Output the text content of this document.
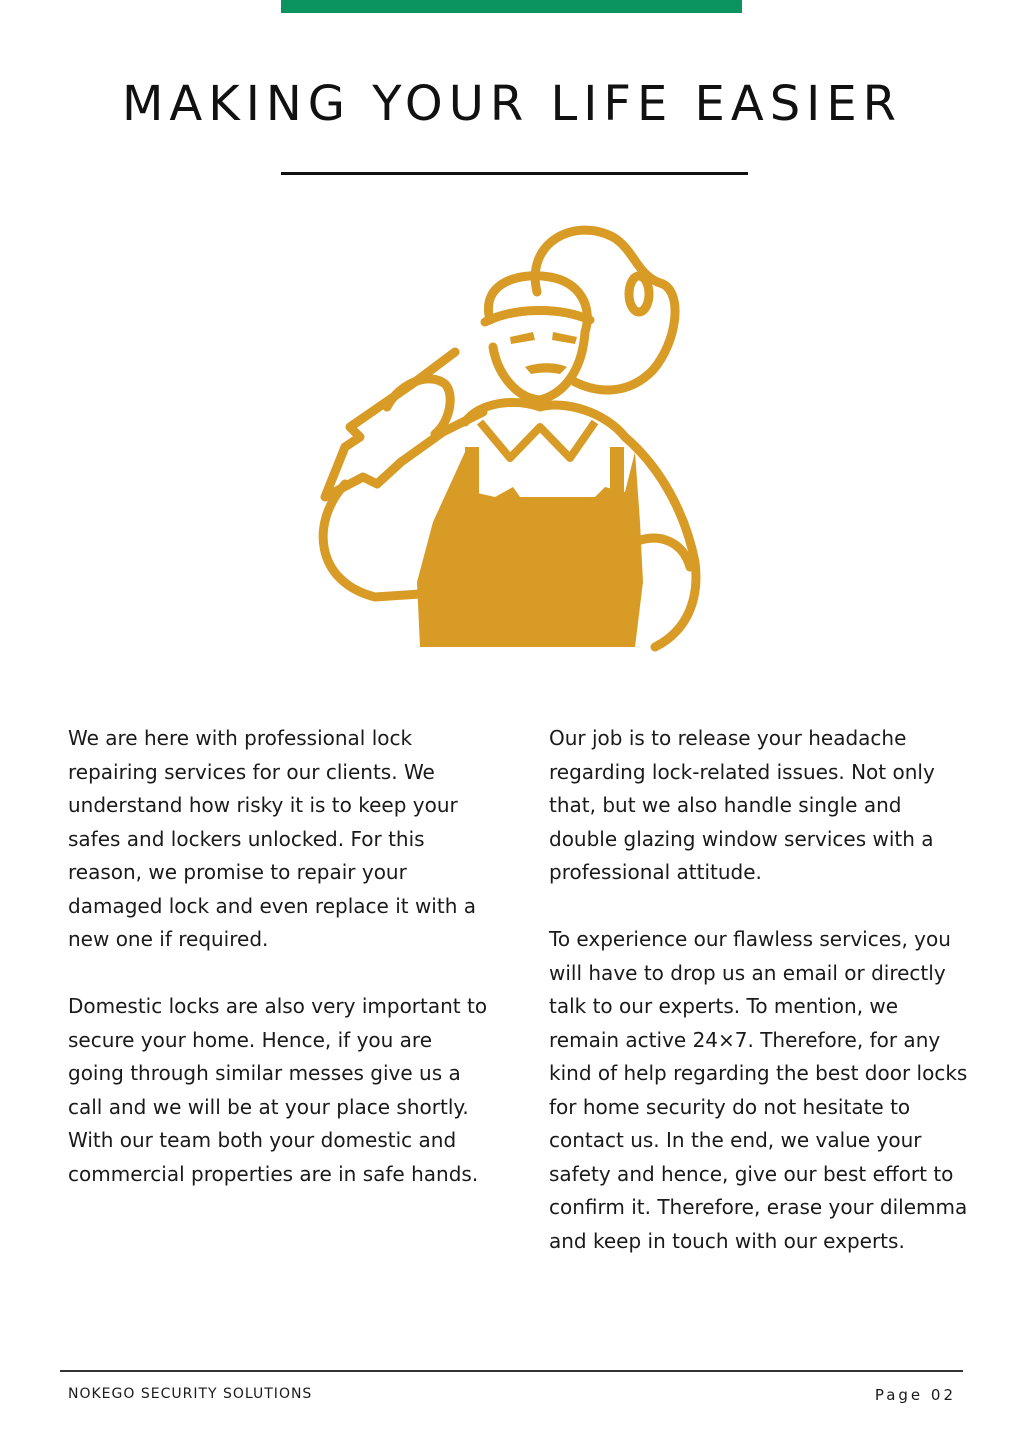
MAKING YOUR LIFE EASIER

We are here with professional lock repairing services for our clients. We understand how risky it is to keep your safes and lockers unlocked. For this reason, we promise to repair your damaged lock and even replace it with a new one if required.

Domestic locks are also very important to secure your home. Hence, if you are going through similar messes give us a call and we will be at your place shortly. With our team both your domestic and commercial properties are in safe hands.

Our job is to release your headache regarding lock-related issues. Not only that, but we also handle single and double glazing window services with a professional attitude.

To experience our flawless services, you will have to drop us an email or directly talk to our experts. To mention, we remain active 24×7. Therefore, for any kind of help regarding the best door locks for home security do not hesitate to contact us. In the end, we value your safety and hence, give our best effort to confirm it. Therefore, erase your dilemma and keep in touch with our experts.

NOKEGO SECURITY SOLUTIONS	Page 02
